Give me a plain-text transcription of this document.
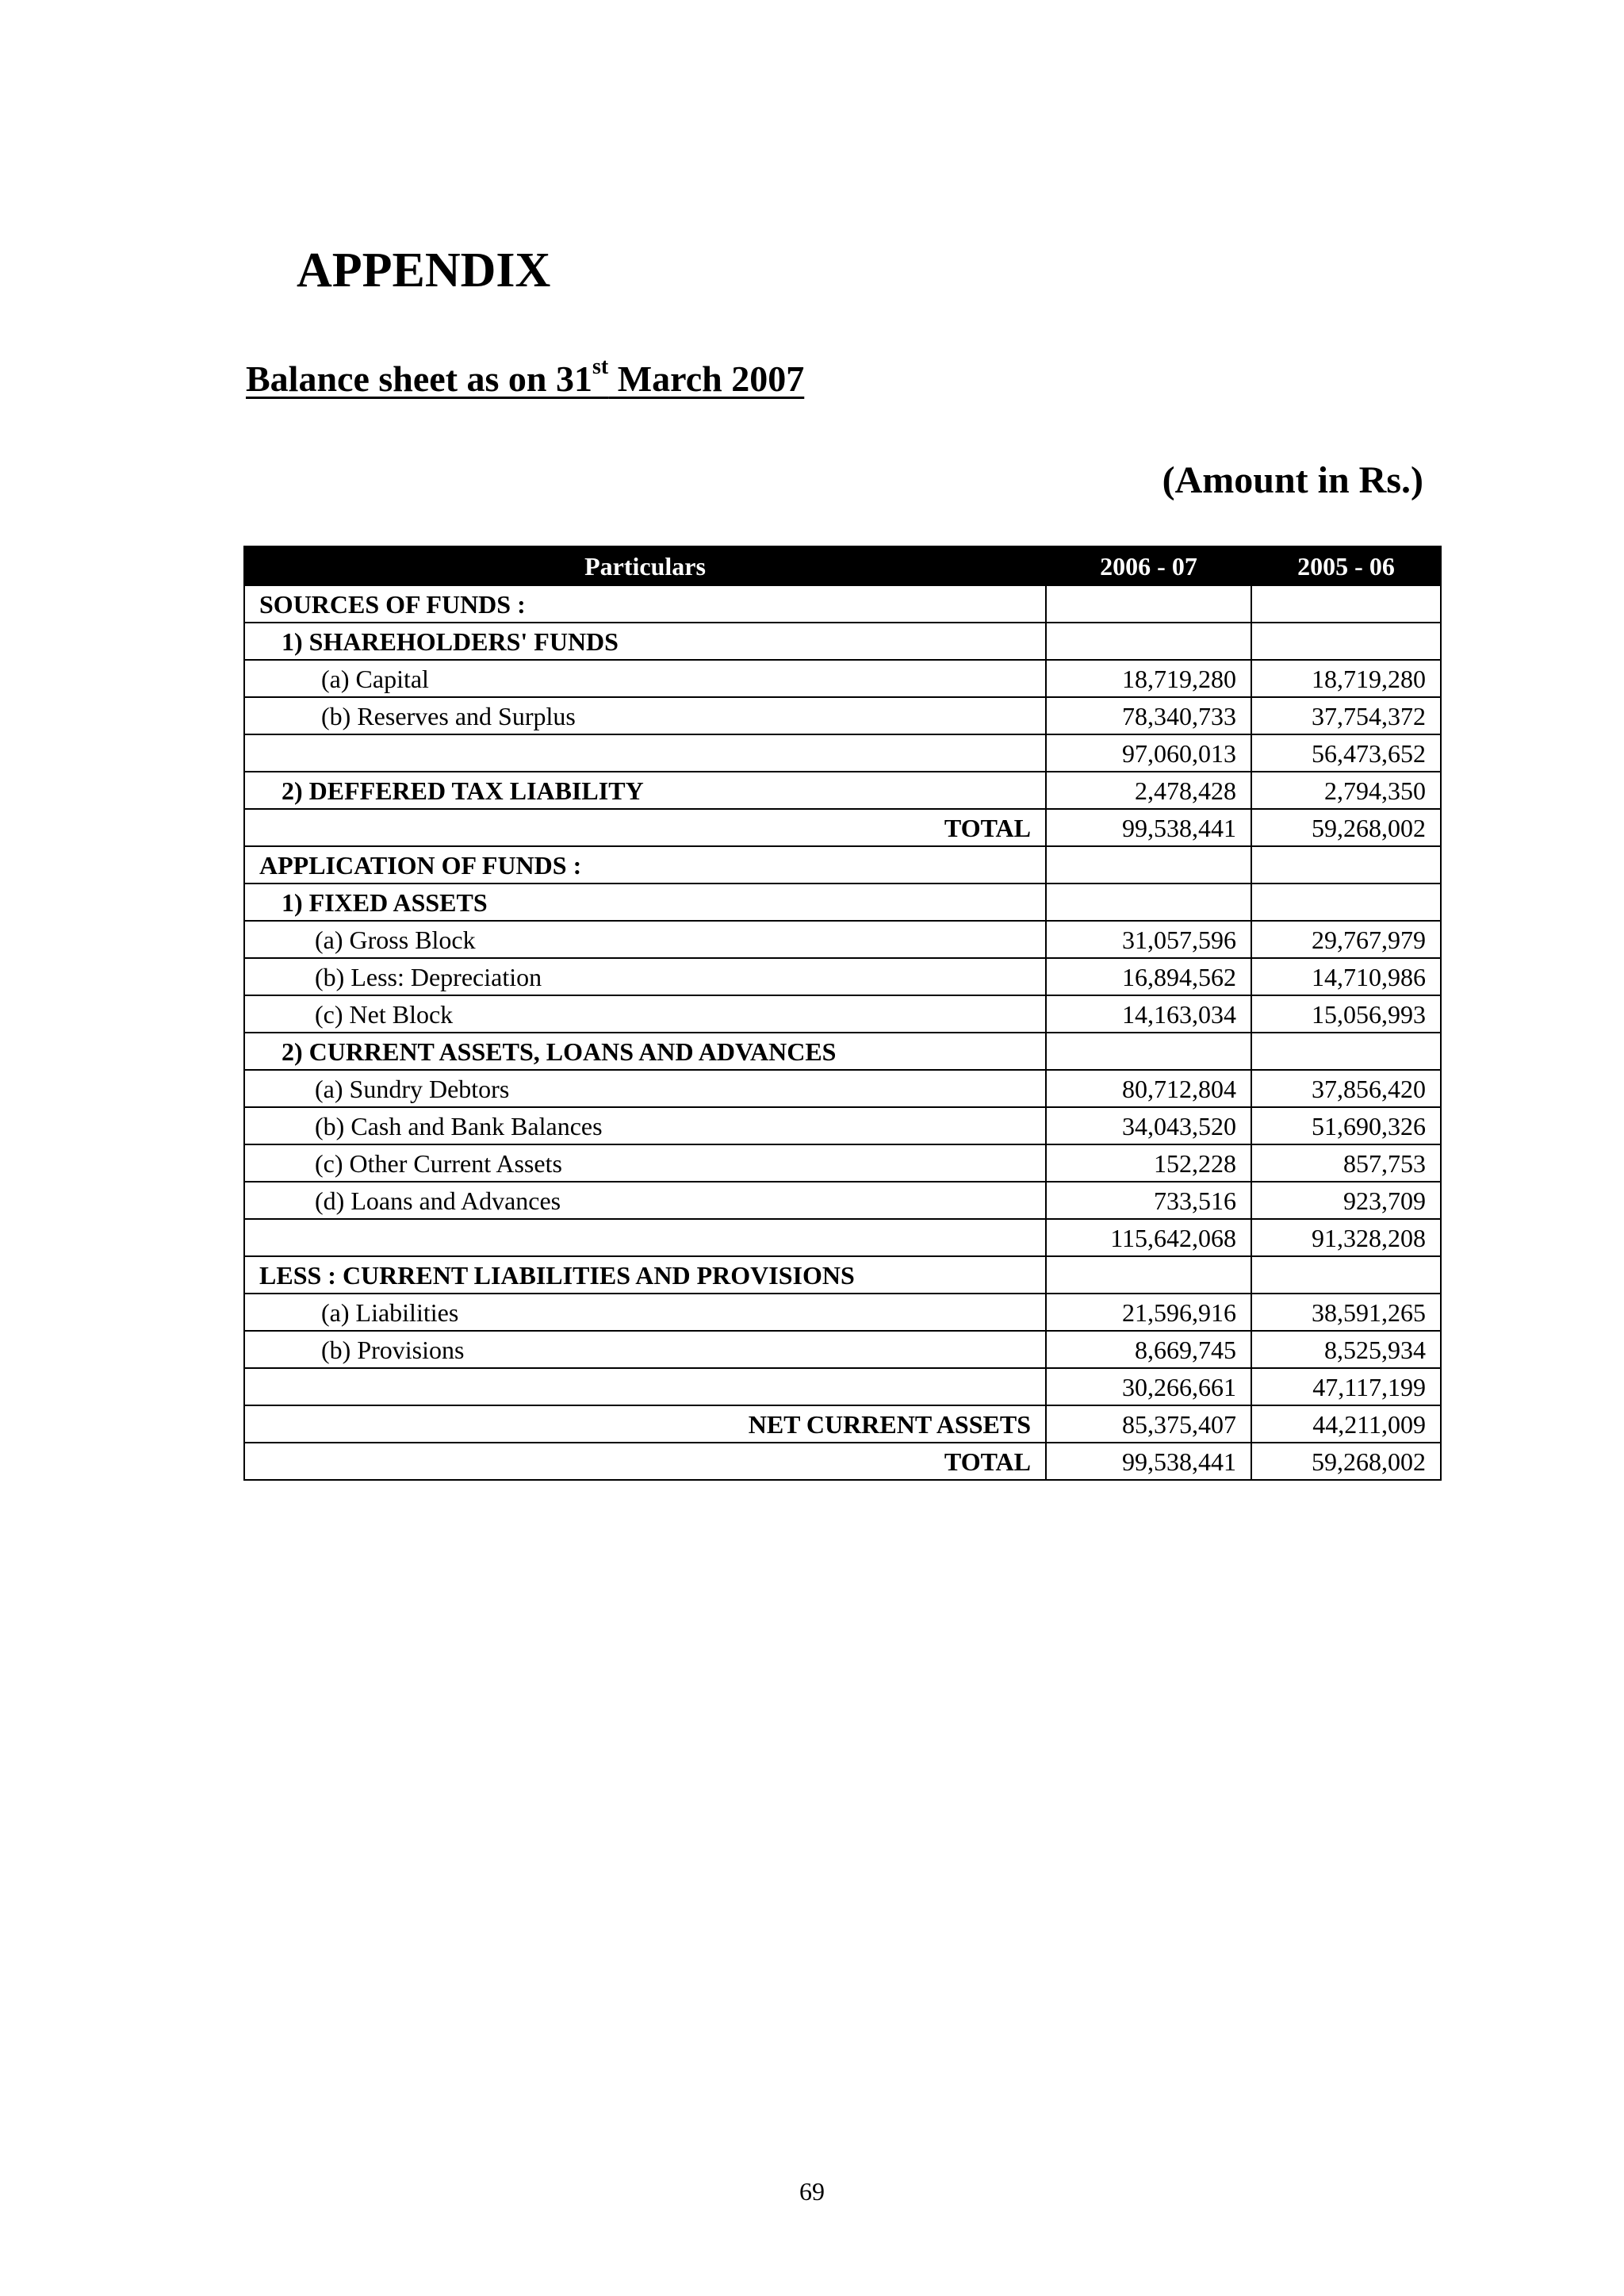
APPENDIX
Balance sheet as on 31st March 2007

(Amount in Rs.)

Particulars	2006 - 07	2005 - 06
SOURCES OF FUNDS :		
1) SHAREHOLDERS' FUNDS		
(a) Capital	18,719,280	18,719,280
(b) Reserves and Surplus	78,340,733	37,754,372
	97,060,013	56,473,652
2) DEFFERED TAX LIABILITY	2,478,428	2,794,350
TOTAL	99,538,441	59,268,002
APPLICATION OF FUNDS :		
1) FIXED ASSETS		
(a) Gross Block	31,057,596	29,767,979
(b) Less: Depreciation	16,894,562	14,710,986
(c) Net Block	14,163,034	15,056,993
2) CURRENT ASSETS, LOANS AND ADVANCES		
(a) Sundry Debtors	80,712,804	37,856,420
(b) Cash and Bank Balances	34,043,520	51,690,326
(c) Other Current Assets	152,228	857,753
(d) Loans and Advances	733,516	923,709
	115,642,068	91,328,208
LESS : CURRENT LIABILITIES AND PROVISIONS		
(a) Liabilities	21,596,916	38,591,265
(b) Provisions	8,669,745	8,525,934
	30,266,661	47,117,199
NET CURRENT ASSETS	85,375,407	44,211,009
TOTAL	99,538,441	59,268,002

69
